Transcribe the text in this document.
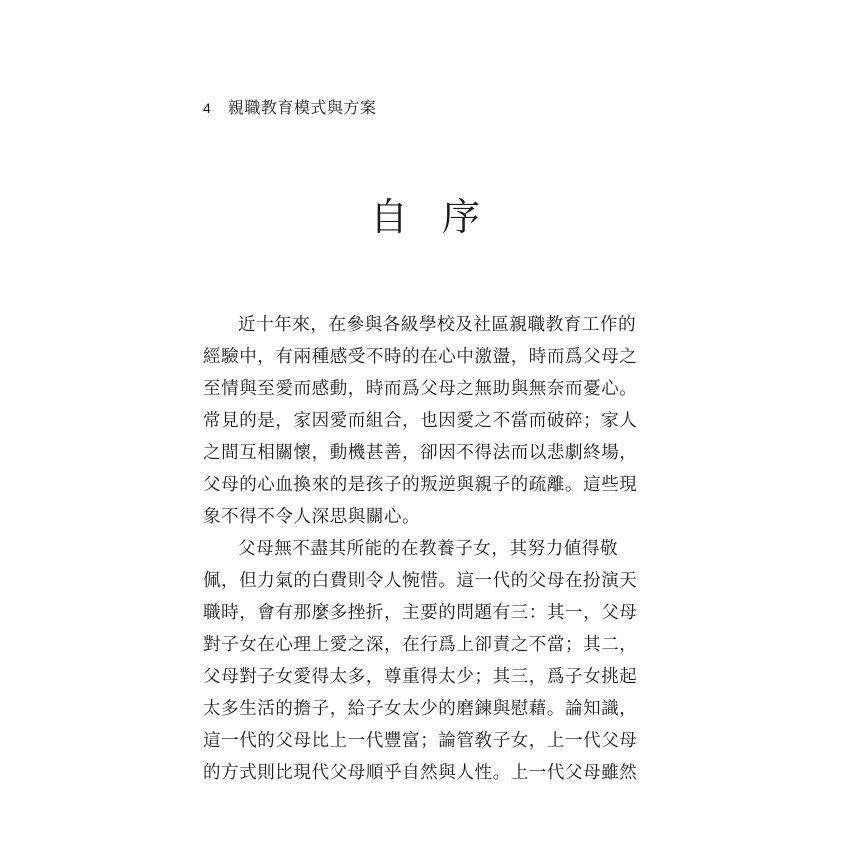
4 親職教育模式與方案
自序
近十年來，在參與各級學校及社區親職教育工作的
經驗中，有兩種感受不時的在心中激盪，時而爲父母之
至情與至愛而感動，時而爲父母之無助與無奈而憂心。
常見的是，家因愛而組合，也因愛之不當而破碎；家人
之間互相關懷，動機甚善，卻因不得法而以悲劇終場，
父母的心血換來的是孩子的叛逆與親子的疏離。這些現
象不得不令人深思與關心。
父母無不盡其所能的在教養子女，其努力値得敬
佩，但力氣的白費則令人惋惜。這一代的父母在扮演天
職時，會有那麼多挫折，主要的問題有三：其一，父母
對子女在心理上愛之深，在行爲上卻責之不當；其二，
父母對子女愛得太多，尊重得太少；其三，爲子女挑起
太多生活的擔子，給子女太少的磨鍊與慰藉。論知識，
這一代的父母比上一代豐富；論管敎子女，上一代父母
的方式則比現代父母順乎自然與人性。上一代父母雖然
